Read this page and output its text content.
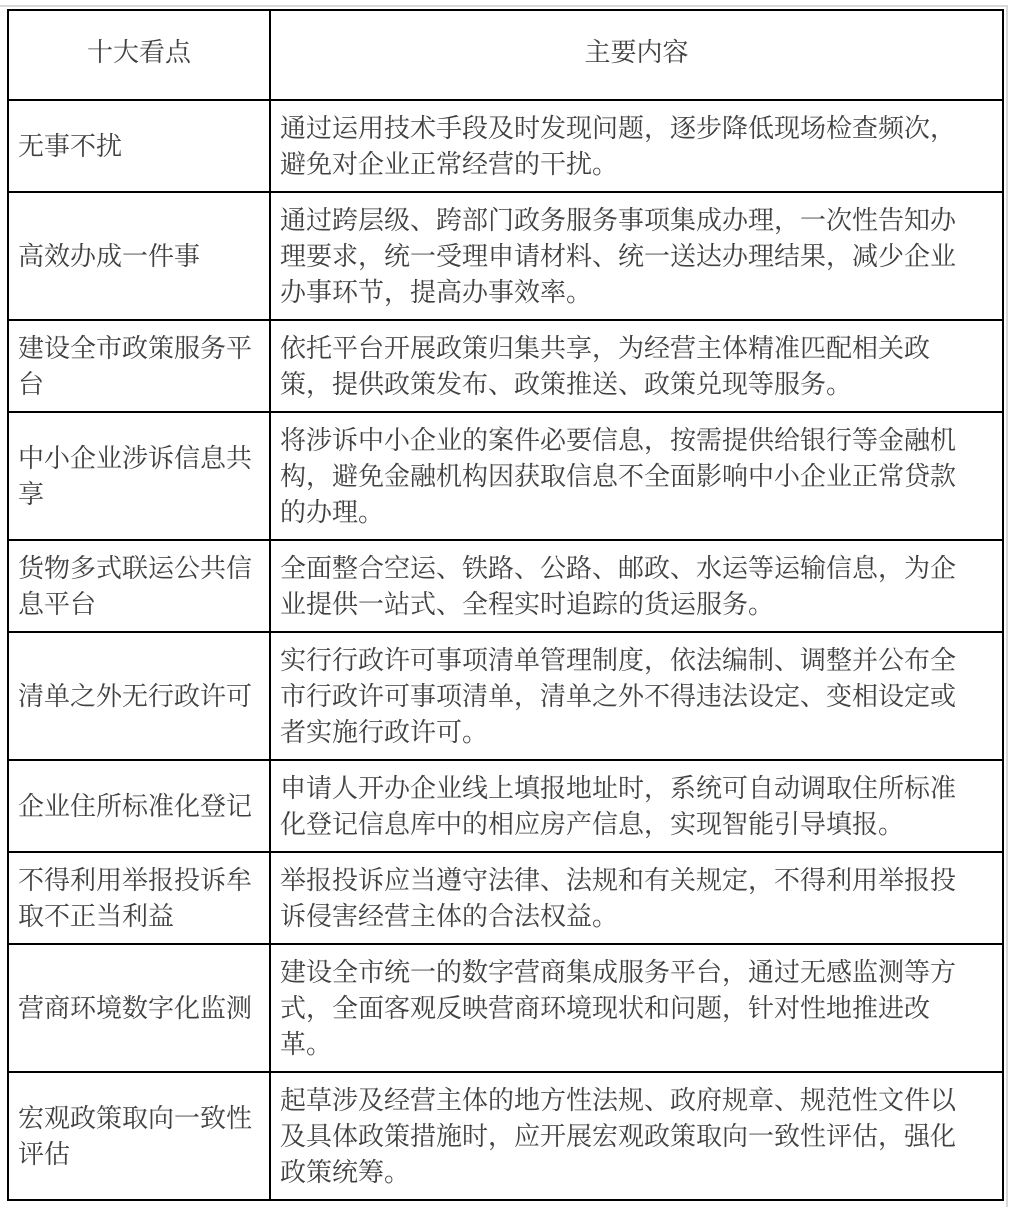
十大看点	主要内容
无事不扰	通过运用技术手段及时发现问题，逐步降低现场检查频次，避免对企业正常经营的干扰。
高效办成一件事	通过跨层级、跨部门政务服务事项集成办理，一次性告知办理要求，统一受理申请材料、统一送达办理结果，减少企业办事环节，提高办事效率。
建设全市政策服务平台	依托平台开展政策归集共享，为经营主体精准匹配相关政策，提供政策发布、政策推送、政策兑现等服务。
中小企业涉诉信息共享	将涉诉中小企业的案件必要信息，按需提供给银行等金融机构，避免金融机构因获取信息不全面影响中小企业正常贷款的办理。
货物多式联运公共信息平台	全面整合空运、铁路、公路、邮政、水运等运输信息，为企业提供一站式、全程实时追踪的货运服务。
清单之外无行政许可	实行行政许可事项清单管理制度，依法编制、调整并公布全市行政许可事项清单，清单之外不得违法设定、变相设定或者实施行政许可。
企业住所标准化登记	申请人开办企业线上填报地址时，系统可自动调取住所标准化登记信息库中的相应房产信息，实现智能引导填报。
不得利用举报投诉牟取不正当利益	举报投诉应当遵守法律、法规和有关规定，不得利用举报投诉侵害经营主体的合法权益。
营商环境数字化监测	建设全市统一的数字营商集成服务平台，通过无感监测等方式，全面客观反映营商环境现状和问题，针对性地推进改革。
宏观政策取向一致性评估	起草涉及经营主体的地方性法规、政府规章、规范性文件以及具体政策措施时，应开展宏观政策取向一致性评估，强化政策统筹。
